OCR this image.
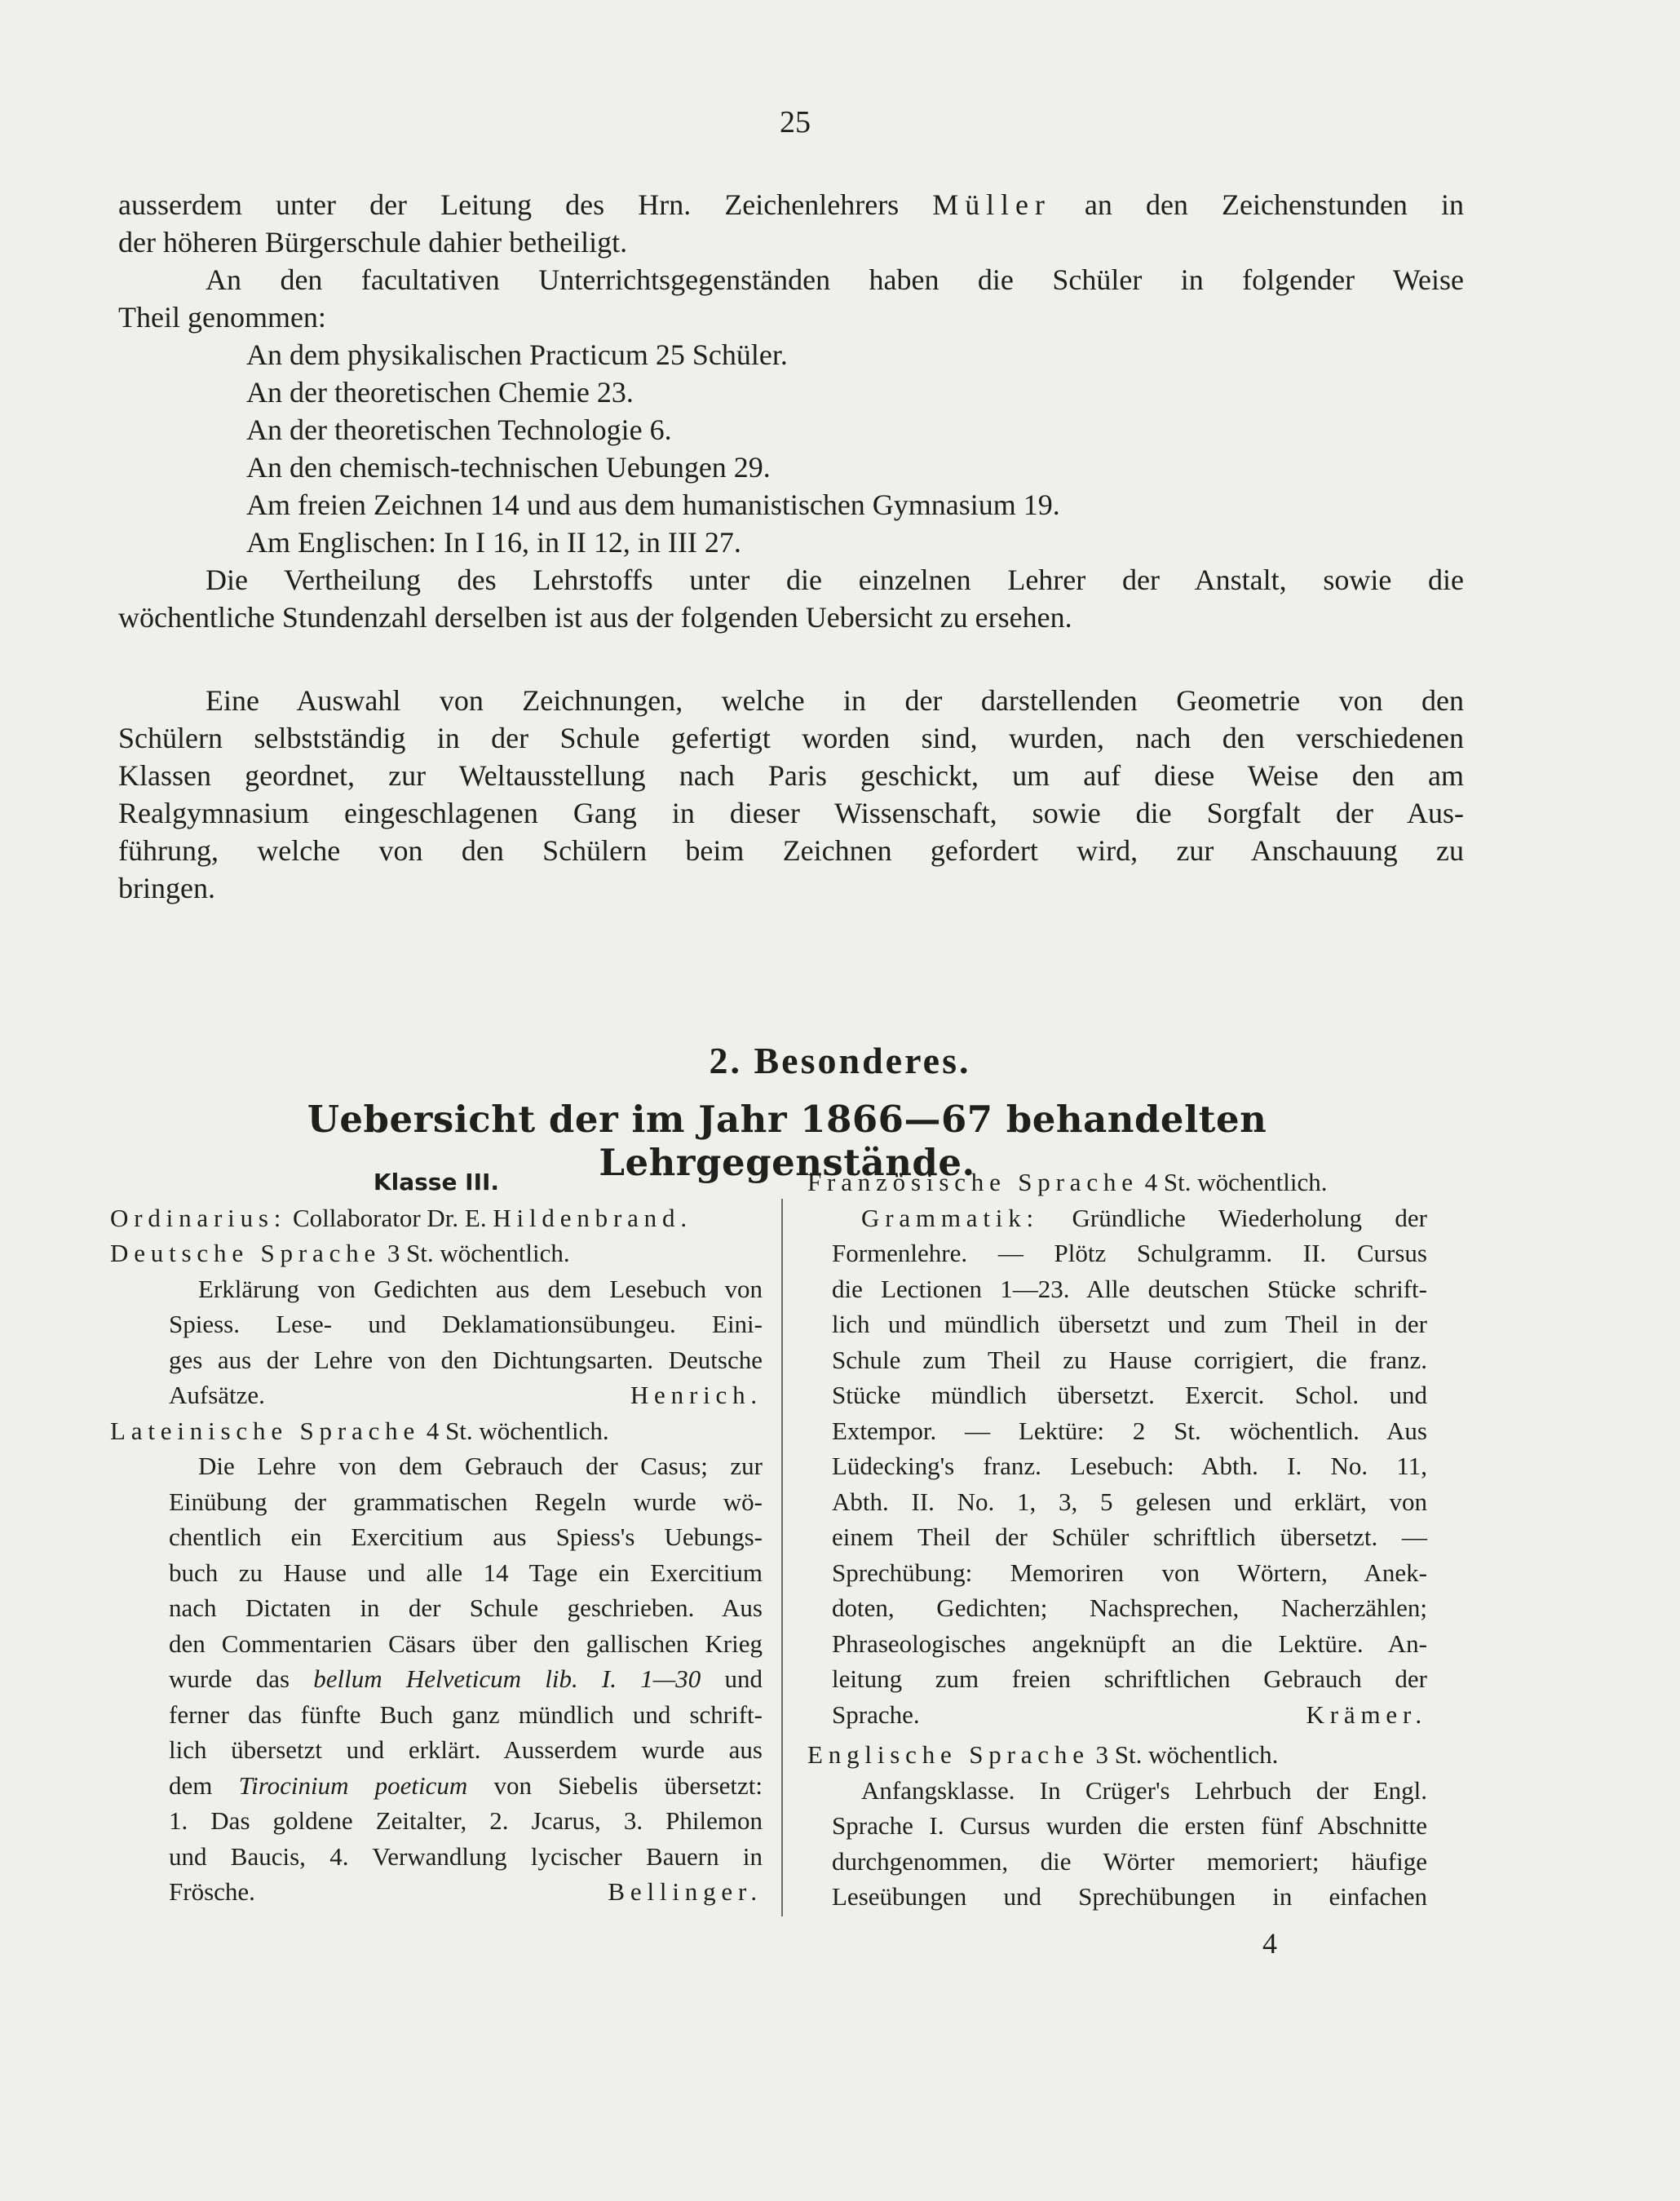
25

ausserdem unter der Leitung des Hrn. Zeichenlehrers Müller an den Zeichenstunden in

der höheren Bürgerschule dahier betheiligt.

An den facultativen Unterrichtsgegenständen haben die Schüler in folgender Weise

Theil genommen:

An dem physikalischen Practicum 25 Schüler.

An der theoretischen Chemie 23.

An der theoretischen Technologie 6.

An den chemisch-technischen Uebungen 29.

Am freien Zeichnen 14 und aus dem humanistischen Gymnasium 19.

Am Englischen: In I 16, in II 12, in III 27.

Die Vertheilung des Lehrstoffs unter die einzelnen Lehrer der Anstalt, sowie die

wöchentliche Stundenzahl derselben ist aus der folgenden Uebersicht zu ersehen.

Eine Auswahl von Zeichnungen, welche in der darstellenden Geometrie von den

Schülern selbstständig in der Schule gefertigt worden sind, wurden, nach den verschiedenen

Klassen geordnet, zur Weltausstellung nach Paris geschickt, um auf diese Weise den am

Realgymnasium eingeschlagenen Gang in dieser Wissenschaft, sowie die Sorgfalt der Aus-

führung, welche von den Schülern beim Zeichnen gefordert wird, zur Anschauung zu

bringen.

2. Besonderes.
Uebersicht der im Jahr 1866—67 behandelten Lehrgegenstände.

Klasse III.

Ordinarius: Collaborator Dr. E. Hildenbrand.

Deutsche Sprache 3 St. wöchentlich.

Erklärung von Gedichten aus dem Lesebuch von

Spiess. Lese- und Deklamationsübungeu. Eini-

ges aus der Lehre von den Dichtungsarten. Deutsche

Aufsätze.	Henrich.

Lateinische Sprache 4 St. wöchentlich.

Die Lehre von dem Gebrauch der Casus; zur

Einübung der grammatischen Regeln wurde wö-

chentlich ein Exercitium aus Spiess's Uebungs-

buch zu Hause und alle 14 Tage ein Exercitium

nach Dictaten in der Schule geschrieben. Aus

den Commentarien Cäsars über den gallischen Krieg

wurde das bellum Helveticum lib. I. 1—30 und

ferner das fünfte Buch ganz mündlich und schrift-

lich übersetzt und erklärt. Ausserdem wurde aus

dem Tirocinium poeticum von Siebelis übersetzt:

1. Das goldene Zeitalter, 2. Jcarus, 3. Philemon

und Baucis, 4. Verwandlung lycischer Bauern in

Frösche.	Bellinger.

Französische Sprache 4 St. wöchentlich.

Grammatik: Gründliche Wiederholung der

Formenlehre. — Plötz Schulgramm. II. Cursus

die Lectionen 1—23. Alle deutschen Stücke schrift-

lich und mündlich übersetzt und zum Theil in der

Schule zum Theil zu Hause corrigiert, die franz.

Stücke mündlich übersetzt. Exercit. Schol. und

Extempor. — Lektüre: 2 St. wöchentlich. Aus

Lüdecking's franz. Lesebuch: Abth. I. No. 11,

Abth. II. No. 1, 3, 5 gelesen und erklärt, von

einem Theil der Schüler schriftlich übersetzt. —

Sprechübung: Memoriren von Wörtern, Anek-

doten, Gedichten; Nachsprechen, Nacherzählen;

Phraseologisches angeknüpft an die Lektüre. An-

leitung zum freien schriftlichen Gebrauch der

Sprache.	Krämer.

Englische Sprache 3 St. wöchentlich.

Anfangsklasse. In Crüger's Lehrbuch der Engl.

Sprache I. Cursus wurden die ersten fünf Abschnitte

durchgenommen, die Wörter memoriert; häufige

Leseübungen und Sprechübungen in einfachen

4
